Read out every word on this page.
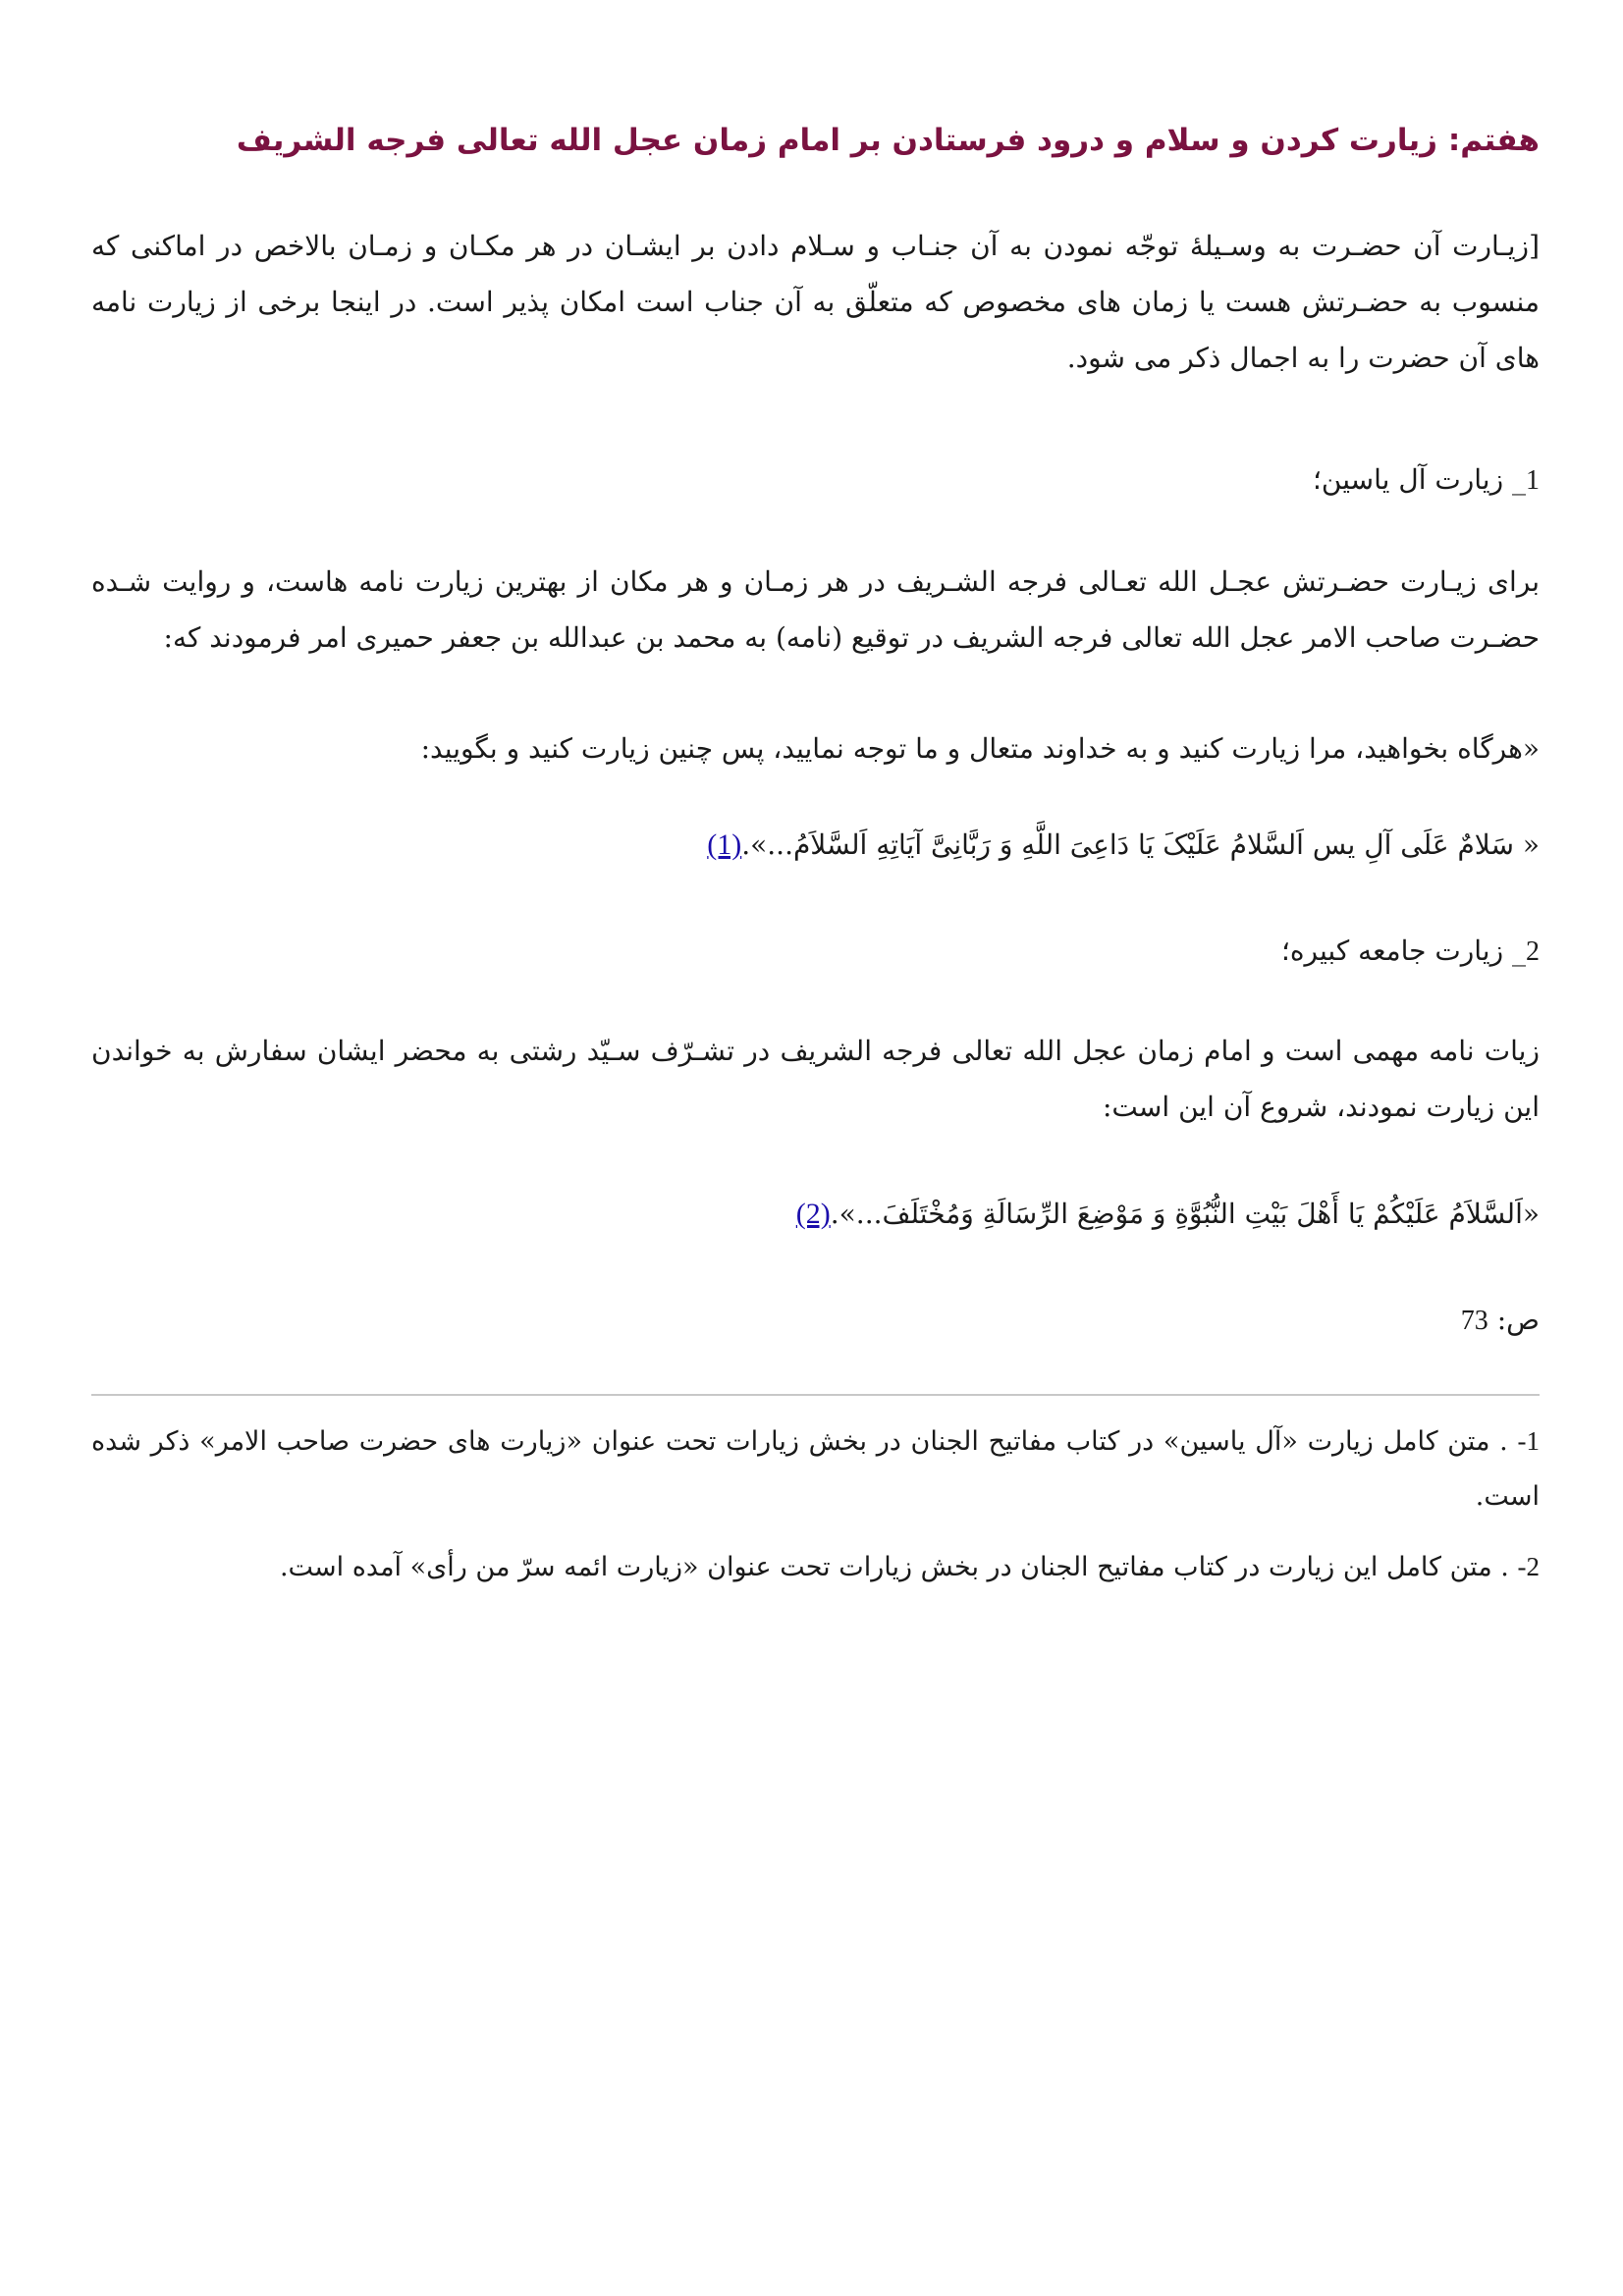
هفتم: زیارت کردن و سلام و درود فرستادن بر امام زمان عجل الله تعالی فرجه الشریف

[زیـارت آن حضـرت به وسـیلۀ توجّه نمودن به آن جنـاب و سـلام دادن بر ایشـان در هر مکـان و زمـان بالاخص در اماکنی که منسوب به حضـرتش هست یا زمان های مخصوص که متعلّق به آن جناب است امکان پذیر است. در اینجا برخی از زیارت نامه های آن حضرت را به اجمال ذکر می شود.

1_ زیارت آل یاسین؛

برای زیـارت حضـرتش عجـل الله تعـالی فرجه الشـریف در هر زمـان و هر مکان از بهترین زیارت نامه هاست، و روایت شـده حضـرت صاحب الامر عجل الله تعالی فرجه الشریف در توقیع (نامه) به محمد بن عبدالله بن جعفر حمیری امر فرمودند که:

«هرگاه بخواهید، مرا زیارت کنید و به خداوند متعال و ما توجه نمایید، پس چنین زیارت کنید و بگویید:

« سَلامٌ عَلَی آلِ یس اَلسَّلامُ عَلَیْکَ یَا دَاعِیَ اللَّهِ وَ رَبَّانِیَّ آیَاتِهِ اَلسَّلاَمُ...».(1)

2_ زیارت جامعه کبیره؛

زیات نامه مهمی است و امام زمان عجل الله تعالی فرجه الشریف در تشـرّف سـیّد رشتی به محضر ایشان سفارش به خواندن این زیارت نمودند، شروع آن این است:

«اَلسَّلاَمُ عَلَیْکُمْ یَا أَهْلَ بَیْتِ النُّبُوَّةِ وَ مَوْضِعَ الرِّسَالَةِ وَمُخْتَلَفَ...».(2)

ص: 73

1- . متن کامل زیارت «آل یاسین» در کتاب مفاتیح الجنان در بخش زیارات تحت عنوان «زیارت های حضرت صاحب الامر» ذکر شده است.

2- . متن کامل این زیارت در کتاب مفاتیح الجنان در بخش زیارات تحت عنوان «زیارت ائمه سرّ من رأی» آمده است.
